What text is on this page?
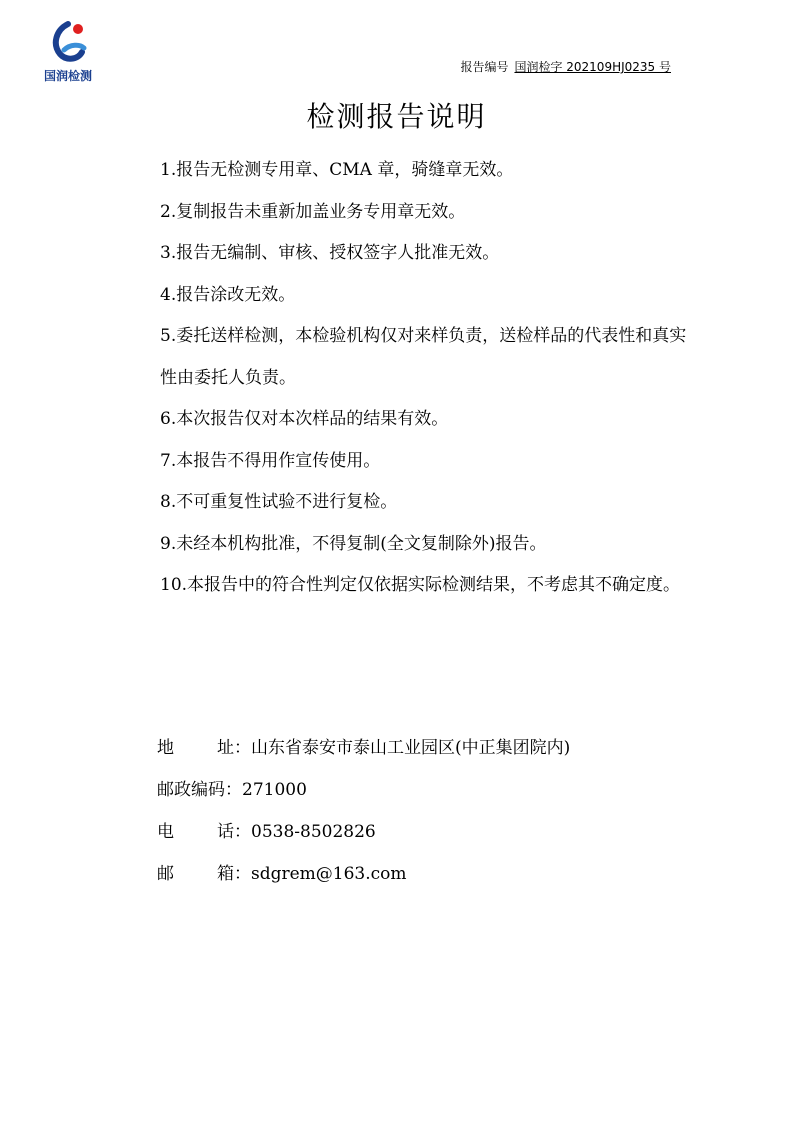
国润检测
报告编号 国润检字 202109HJ0235 号
检测报告说明

1.报告无检测专用章、CMA 章，骑缝章无效。

2.复制报告未重新加盖业务专用章无效。

3.报告无编制、审核、授权签字人批准无效。

4.报告涂改无效。

5.委托送样检测，本检验机构仅对来样负责，送检样品的代表性和真实性由委托人负责。

6.本次报告仅对本次样品的结果有效。

7.本报告不得用作宣传使用。

8.不可重复性试验不进行复检。

9.未经本机构批准，不得复制(全文复制除外)报告。

10.本报告中的符合性判定仅依据实际检测结果，不考虑其不确定度。

地	址：山东省泰安市泰山工业园区(中正集团院内)
邮政编码：271000
电	话：0538-8502826
邮	箱：sdgrem@163.com
